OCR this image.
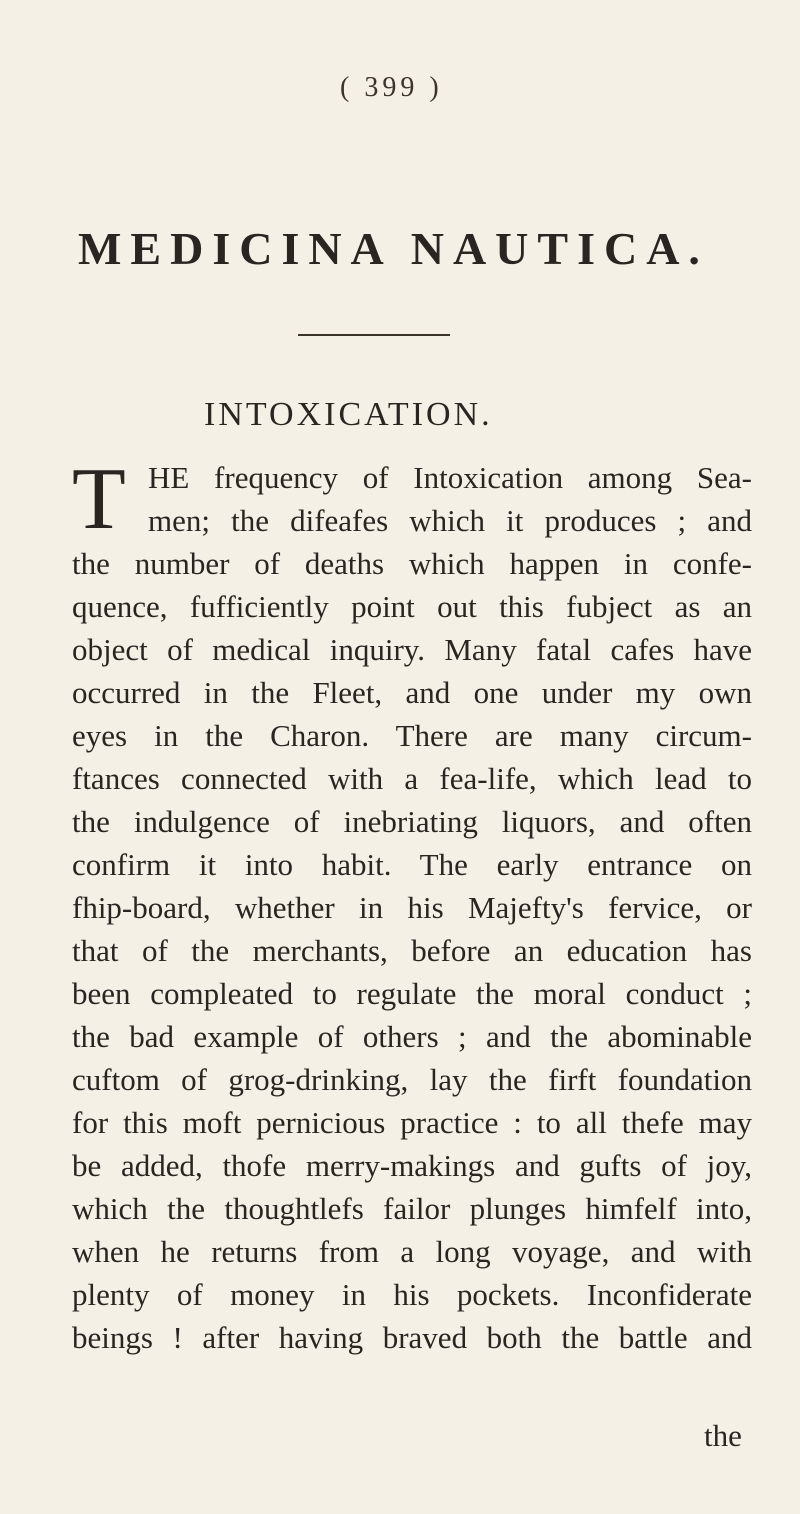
( 399 )
MEDICINA NAUTICA.
INTOXICATION.
T HE frequency of Intoxication among Sea-
men; the difeafes which it produces ; and
the number of deaths which happen in confe-
quence, fufficiently point out this fubject as an
object of medical inquiry. Many fatal cafes have
occurred in the Fleet, and one under my own
eyes in the Charon. There are many circum-
ftances connected with a fea-life, which lead to
the indulgence of inebriating liquors, and often
confirm it into habit. The early entrance on
fhip-board, whether in his Majefty's fervice, or
that of the merchants, before an education has
been compleated to regulate the moral conduct ;
the bad example of others ; and the abominable
cuftom of grog-drinking, lay the firft foundation
for this moft pernicious practice : to all thefe may
be added, thofe merry-makings and gufts of joy,
which the thoughtlefs failor plunges himfelf into,
when he returns from a long voyage, and with
plenty of money in his pockets. Inconfiderate
beings ! after having braved both the battle and
the
